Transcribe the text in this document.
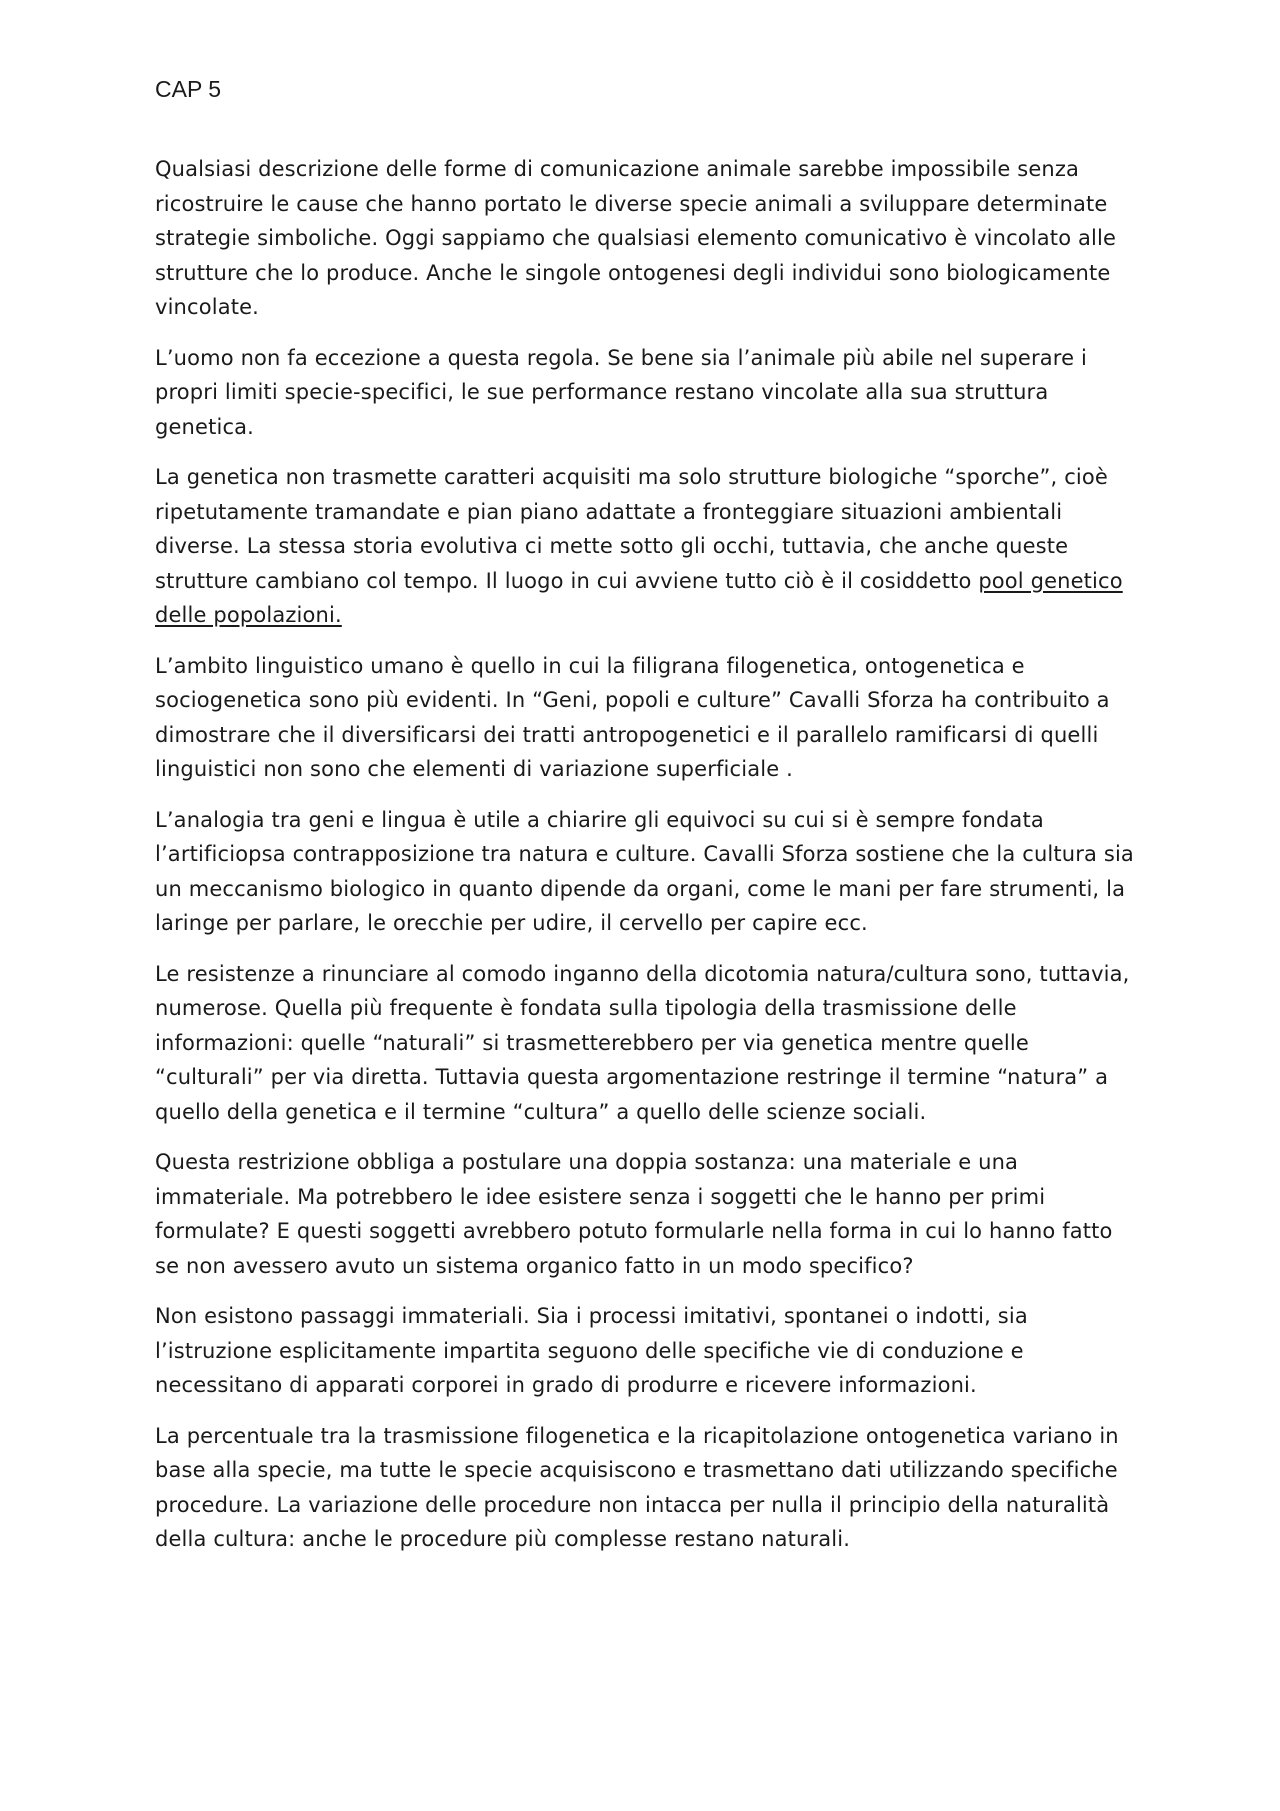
CAP 5

Qualsiasi descrizione delle forme di comunicazione animale sarebbe impossibile senza ricostruire le cause che hanno portato le diverse specie animali a sviluppare determinate strategie simboliche. Oggi sappiamo che qualsiasi elemento comunicativo è vincolato alle strutture che lo produce. Anche le singole ontogenesi degli individui sono biologicamente vincolate.

L’uomo non fa eccezione a questa regola. Se bene sia l’animale più abile nel superare i propri limiti specie-specifici, le sue performance restano vincolate alla sua struttura genetica.

La genetica non trasmette caratteri acquisiti ma solo strutture biologiche “sporche”, cioè ripetutamente tramandate e pian piano adattate a fronteggiare situazioni ambientali diverse. La stessa storia evolutiva ci mette sotto gli occhi, tuttavia, che anche queste strutture cambiano col tempo. Il luogo in cui avviene tutto ciò è il cosiddetto pool genetico delle popolazioni.

L’ambito linguistico umano è quello in cui la filigrana filogenetica, ontogenetica e sociogenetica sono più evidenti. In “Geni, popoli e culture” Cavalli Sforza ha contribuito a dimostrare che il diversificarsi dei tratti antropogenetici e il parallelo ramificarsi di quelli linguistici non sono che elementi di variazione superficiale .

L’analogia tra geni e lingua è utile a chiarire gli equivoci su cui si è sempre fondata l’artificiopsa contrapposizione tra natura e culture. Cavalli Sforza sostiene che la cultura sia un meccanismo biologico in quanto dipende da organi, come le mani per fare strumenti, la laringe per parlare, le orecchie per udire, il cervello per capire ecc.

Le resistenze a rinunciare al comodo inganno della dicotomia natura/cultura sono, tuttavia, numerose. Quella più frequente è fondata sulla tipologia della trasmissione delle informazioni: quelle “naturali” si trasmetterebbero per via genetica mentre quelle “culturali” per via diretta. Tuttavia questa argomentazione restringe il termine “natura” a quello della genetica e il termine “cultura” a quello delle scienze sociali.

Questa restrizione obbliga a postulare una doppia sostanza: una materiale e una immateriale. Ma potrebbero le idee esistere senza i soggetti che le hanno per primi formulate? E questi soggetti avrebbero potuto formularle nella forma in cui lo hanno fatto se non avessero avuto un sistema organico fatto in un modo specifico?

Non esistono passaggi immateriali. Sia i processi imitativi, spontanei o indotti, sia l’istruzione esplicitamente impartita seguono delle specifiche vie di conduzione e necessitano di apparati corporei in grado di produrre e ricevere informazioni.

La percentuale tra la trasmissione filogenetica e la ricapitolazione ontogenetica variano in base alla specie, ma tutte le specie acquisiscono e trasmettano dati utilizzando specifiche procedure. La variazione delle procedure non intacca per nulla il principio della naturalità della cultura: anche le procedure più complesse restano naturali.
